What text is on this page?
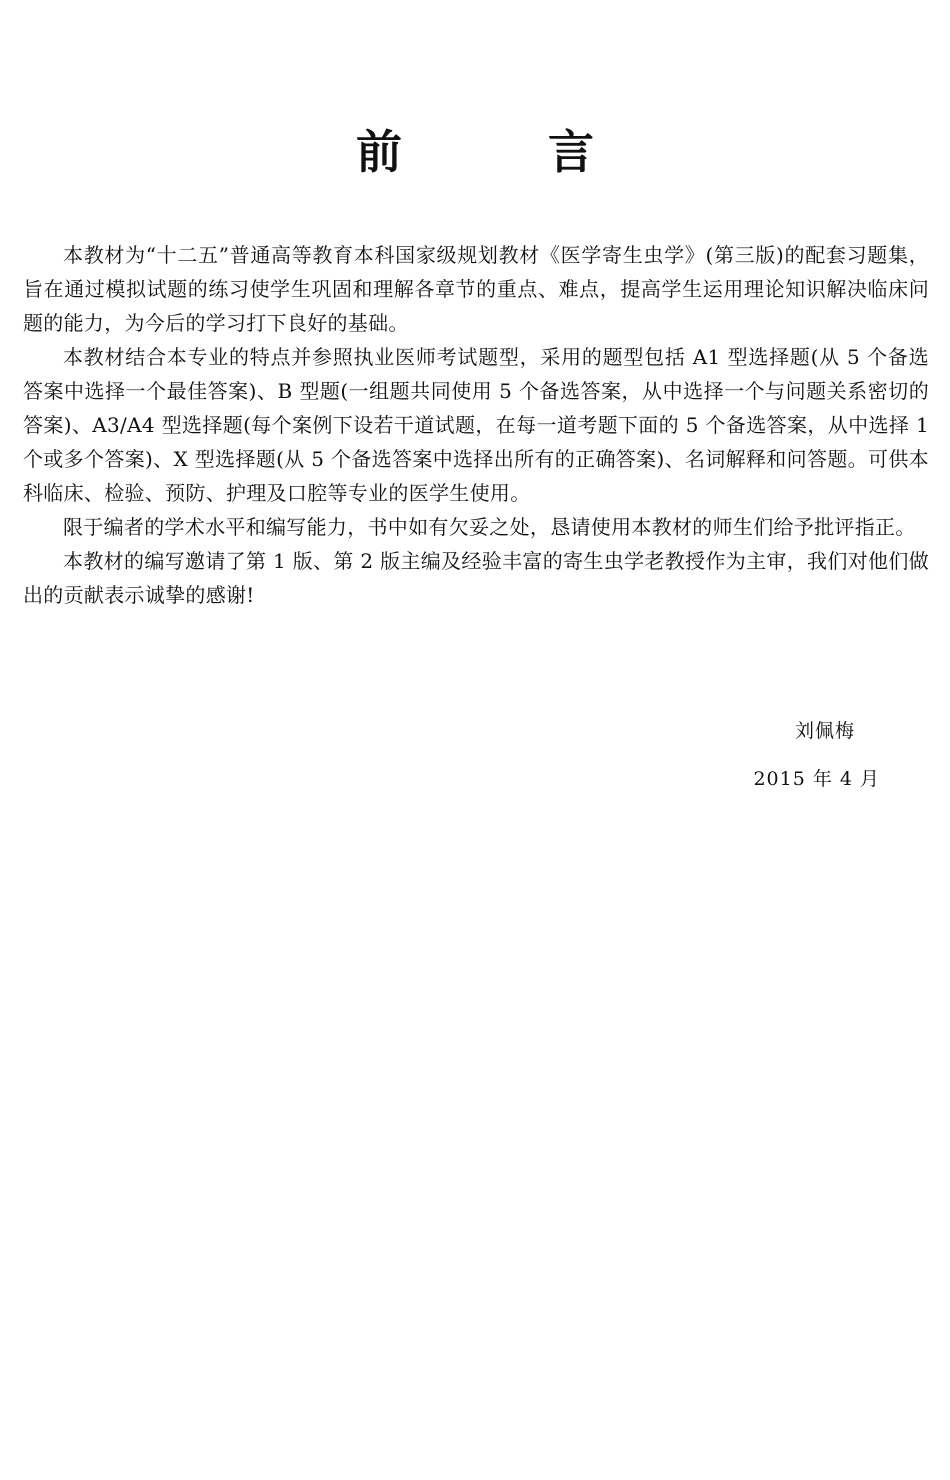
前　言

本教材为“十二五”普通高等教育本科国家级规划教材《医学寄生虫学》(第三版)的配套习题集，旨在通过模拟试题的练习使学生巩固和理解各章节的重点、难点，提高学生运用理论知识解决临床问题的能力，为今后的学习打下良好的基础。

本教材结合本专业的特点并参照执业医师考试题型，采用的题型包括 A1 型选择题(从 5 个备选答案中选择一个最佳答案)、B 型题(一组题共同使用 5 个备选答案，从中选择一个与问题关系密切的答案)、A3/A4 型选择题(每个案例下设若干道试题，在每一道考题下面的 5 个备选答案，从中选择 1 个或多个答案)、X 型选择题(从 5 个备选答案中选择出所有的正确答案)、名词解释和问答题。可供本科临床、检验、预防、护理及口腔等专业的医学生使用。

限于编者的学术水平和编写能力，书中如有欠妥之处，恳请使用本教材的师生们给予批评指正。

本教材的编写邀请了第 1 版、第 2 版主编及经验丰富的寄生虫学老教授作为主审，我们对他们做出的贡献表示诚挚的感谢!

刘佩梅

2015 年 4 月
